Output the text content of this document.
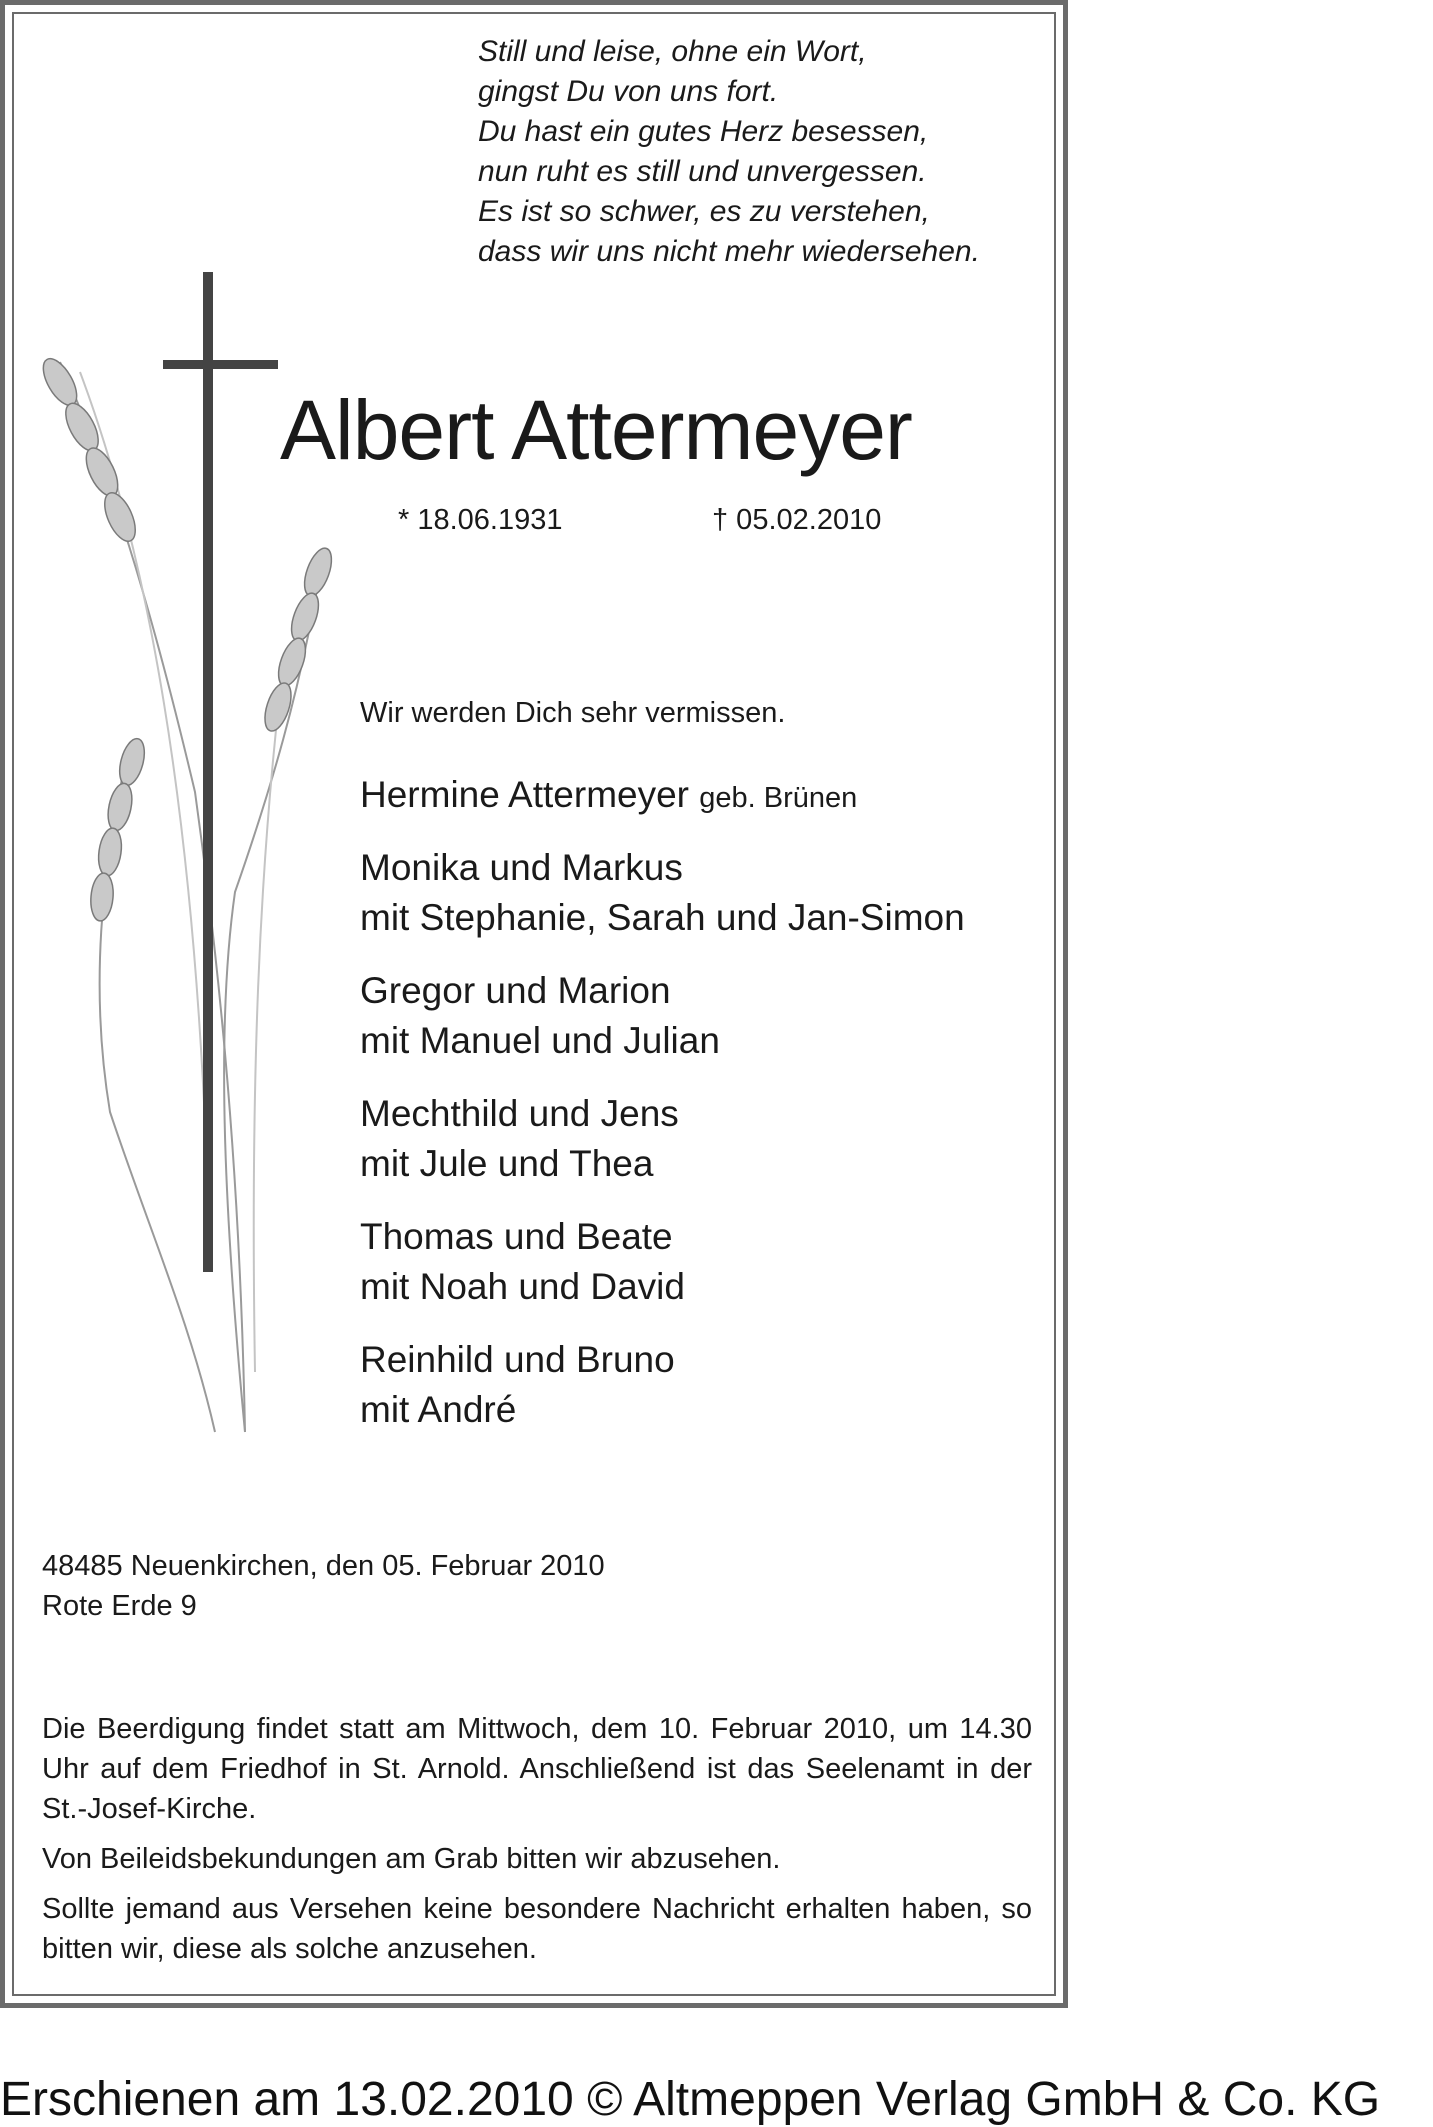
Still und leise, ohne ein Wort,
gingst Du von uns fort.
Du hast ein gutes Herz besessen,
nun ruht es still und unvergessen.
Es ist so schwer, es zu verstehen,
dass wir uns nicht mehr wiedersehen.
Albert Attermeyer
* 18.06.1931	† 05.02.2010
Wir werden Dich sehr vermissen.
Hermine Attermeyer geb. Brünen
Monika und Markus
mit Stephanie, Sarah und Jan-Simon
Gregor und Marion
mit Manuel und Julian
Mechthild und Jens
mit Jule und Thea
Thomas und Beate
mit Noah und David
Reinhild und Bruno
mit André
48485 Neuenkirchen, den 05. Februar 2010
Rote Erde 9

Die Beerdigung findet statt am Mittwoch, dem 10. Februar 2010, um 14.30 Uhr auf dem Friedhof in St. Arnold. Anschließend ist das Seelenamt in der St.-Josef-Kirche.

Von Beileidsbekundungen am Grab bitten wir abzusehen.

Sollte jemand aus Versehen keine besondere Nachricht erhalten haben, so bitten wir, diese als solche anzusehen.

Erschienen am 13.02.2010 © Altmeppen Verlag GmbH & Co. KG
